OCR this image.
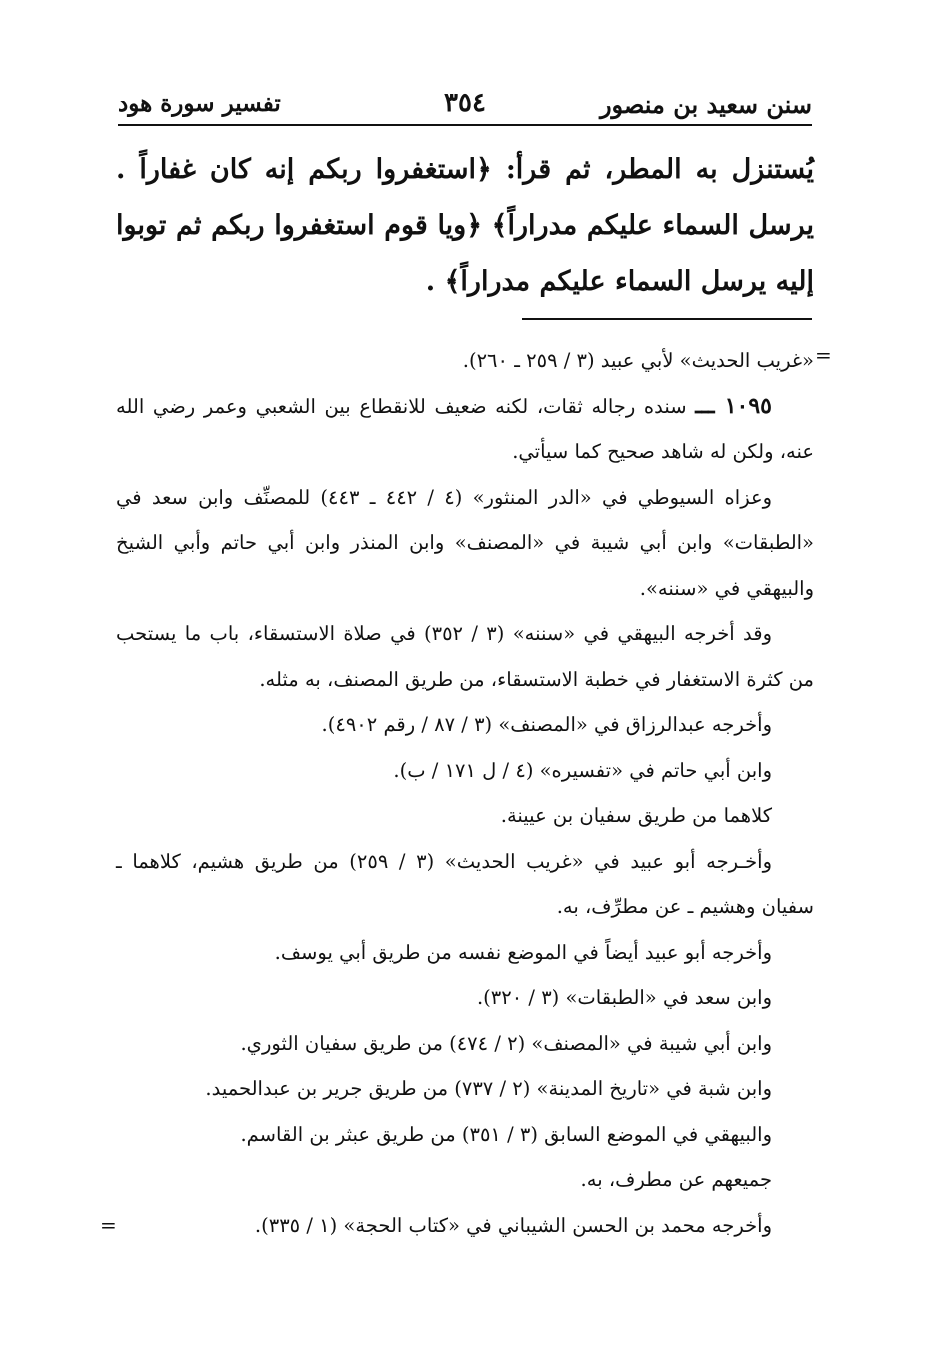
تفسير سورة هود	٣٥٤	سنن سعيد بن منصور

يُستنزل به المطر، ثم قرأ: ﴿استغفروا ربكم إنه كان غفاراً . يرسل السماء عليكم مدراراً﴾ ﴿ويا قوم استغفروا ربكم ثم توبوا إليه يرسل السماء عليكم مدراراً﴾ .

=

«غريب الحديث» لأبي عبيد (٣ / ٢٥٩ ـ ٢٦٠).

١٠٩٥ ـــ سنده رجاله ثقات، لكنه ضعيف للانقطاع بين الشعبي وعمر رضي الله عنه، ولكن له شاهد صحيح كما سيأتي.

وعزاه السيوطي في «الدر المنثور» (٤ / ٤٤٢ ـ ٤٤٣) للمصنِّف وابن سعد في «الطبقات» وابن أبي شيبة في «المصنف» وابن المنذر وابن أبي حاتم وأبي الشيخ والبيهقي في «سننه».

وقد أخرجه البيهقي في «سننه» (٣ / ٣٥٢) في صلاة الاستسقاء، باب ما يستحب من كثرة الاستغفار في خطبة الاستسقاء، من طريق المصنف، به مثله.

وأخرجه عبدالرزاق في «المصنف» (٣ / ٨٧ / رقم ٤٩٠٢).

وابن أبي حاتم في «تفسيره» (٤ / ل ١٧١ / ب).

كلاهما من طريق سفيان بن عيينة.

وأخـرجه أبو عبيد في «غريب الحديث» (٣ / ٢٥٩) من طريق هشيم، كلاهما ـ سفيان وهشيم ـ عن مطرِّف، به.

وأخرجه أبو عبيد أيضاً في الموضع نفسه من طريق أبي يوسف.

وابن سعد في «الطبقات» (٣ / ٣٢٠).

وابن أبي شيبة في «المصنف» (٢ / ٤٧٤) من طريق سفيان الثوري.

وابن شبة في «تاريخ المدينة» (٢ / ٧٣٧) من طريق جرير بن عبدالحميد.

والبيهقي في الموضع السابق (٣ / ٣٥١) من طريق عبثر بن القاسم.

جميعهم عن مطرف، به.

وأخرجه محمد بن الحسن الشيباني في «كتاب الحجة» (١ / ٣٣٥).

=
